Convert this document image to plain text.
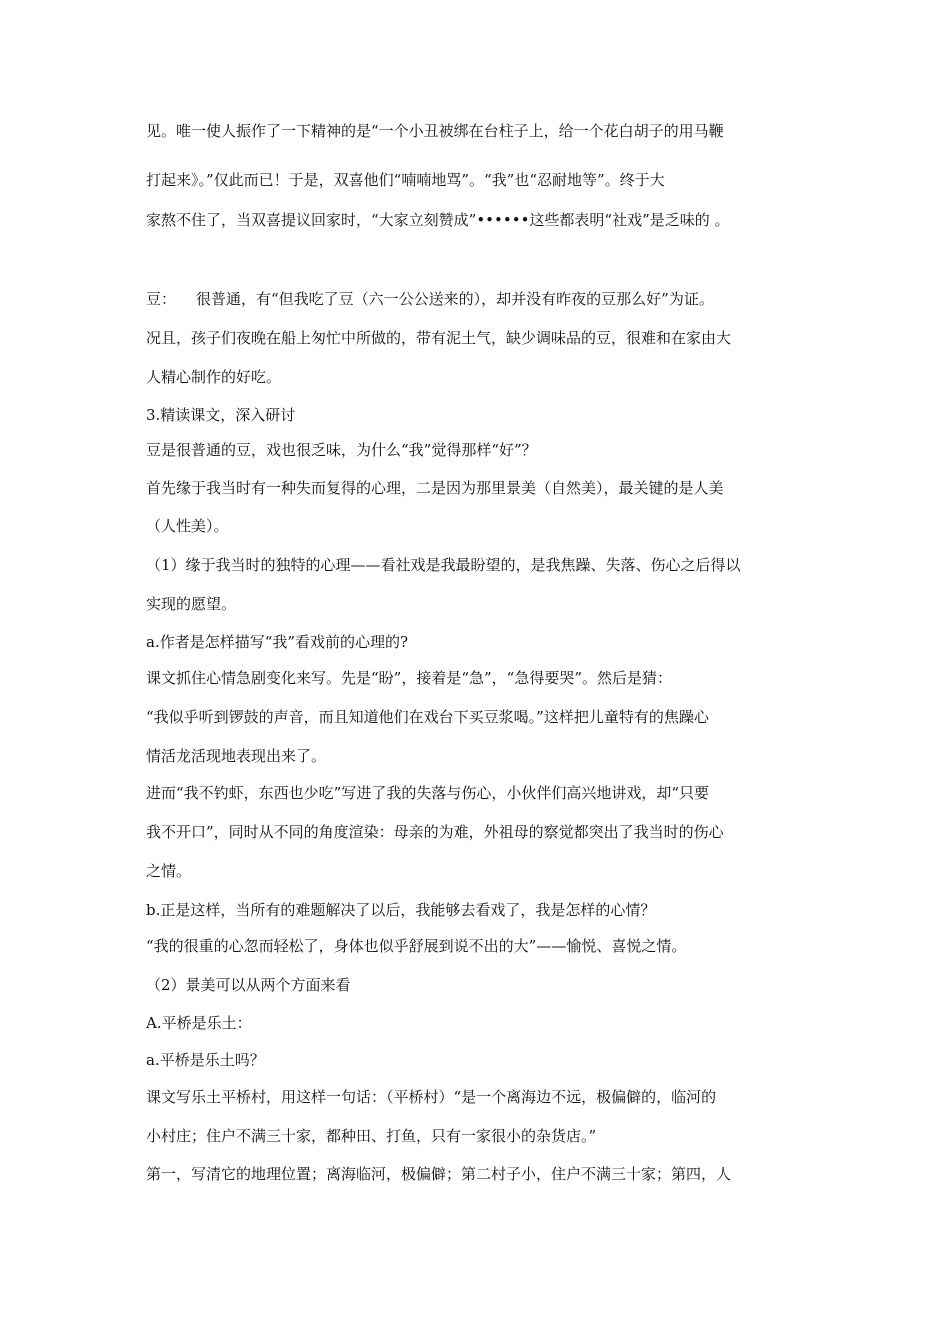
见。唯一使人振作了一下精神的是“一个小丑被绑在台柱子上，给一个花白胡子的用马鞭

打起来》。”仅此而已！于是，双喜他们“喃喃地骂”。“我”也“忍耐地等”。终于大

家熬不住了，当双喜提议回家时，“大家立刻赞成”••••••这些都表明“社戏”是乏味的 。

豆： 很普通，有“但我吃了豆（六一公公送来的），却并没有昨夜的豆那么好”为证。

况且，孩子们夜晚在船上匆忙中所做的，带有泥土气，缺少调味品的豆，很难和在家由大

人精心制作的好吃。

3.精读课文，深入研讨

豆是很普通的豆，戏也很乏味，为什么“我”觉得那样“好”？

首先缘于我当时有一种失而复得的心理，二是因为那里景美（自然美），最关键的是人美

（人性美）。

（1）缘于我当时的独特的心理——看社戏是我最盼望的，是我焦躁、失落、伤心之后得以

实现的愿望。

a.作者是怎样描写“我”看戏前的心理的?

课文抓住心情急剧变化来写。先是“盼”，接着是“急”，“急得要哭”。然后是猜：

“我似乎听到锣鼓的声音，而且知道他们在戏台下买豆浆喝。”这样把儿童特有的焦躁心

情活龙活现地表现出来了。

进而“我不钓虾，东西也少吃”写进了我的失落与伤心，小伙伴们高兴地讲戏，却“只要

我不开口”，同时从不同的角度渲染：母亲的为难，外祖母的察觉都突出了我当时的伤心

之情。

b.正是这样，当所有的难题解决了以后，我能够去看戏了，我是怎样的心情？

“我的很重的心忽而轻松了，身体也似乎舒展到说不出的大”——愉悦、喜悦之情。

（2）景美可以从两个方面来看

A.平桥是乐土：

a.平桥是乐土吗？

课文写乐土平桥村，用这样一句话：（平桥村）“是一个离海边不远，极偏僻的，临河的

小村庄；住户不满三十家，都种田、打鱼，只有一家很小的杂货店。”

第一，写清它的地理位置；离海临河，极偏僻；第二村子小，住户不满三十家；第四，人
